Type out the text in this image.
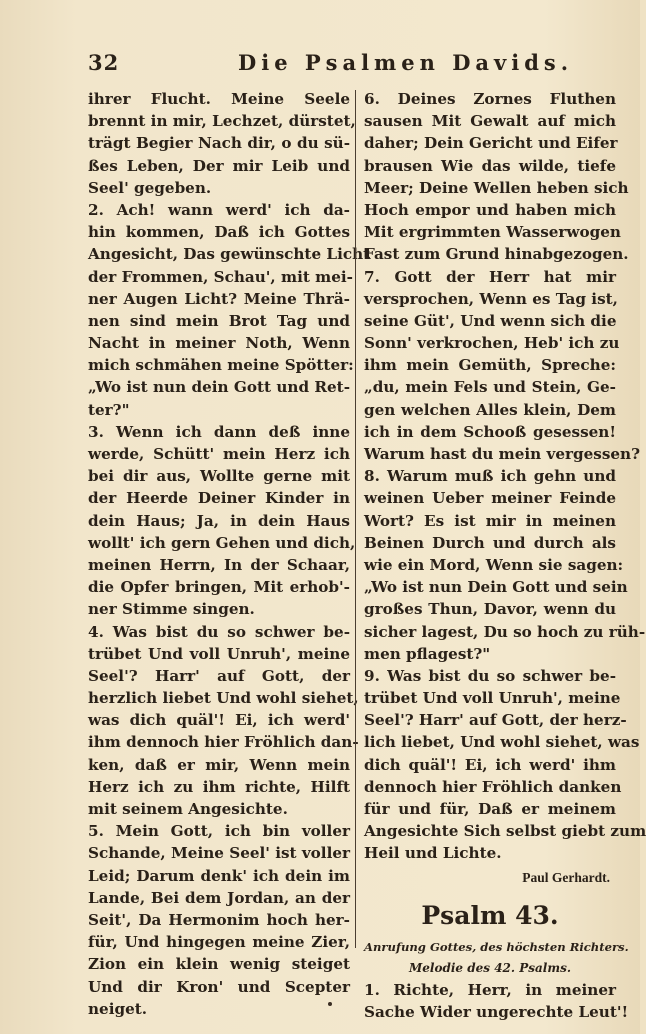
32	Die Psalmen Davids.
ihrer Flucht. Meine Seele
brennt in mir, Lechzet, dürstet,
trägt Begier Nach dir, o du sü-
ßes Leben, Der mir Leib und
Seel' gegeben.
2. Ach! wann werd' ich da-
hin kommen, Daß ich Gottes
Angesicht, Das gewünschte Licht
der Frommen, Schau', mit mei-
ner Augen Licht? Meine Thrä-
nen sind mein Brot Tag und
Nacht in meiner Noth, Wenn
mich schmähen meine Spötter:
„Wo ist nun dein Gott und Ret-
ter?"
3. Wenn ich dann deß inne
werde, Schütt' mein Herz ich
bei dir aus, Wollte gerne mit
der Heerde Deiner Kinder in
dein Haus; Ja, in dein Haus
wollt' ich gern Gehen und dich,
meinen Herrn, In der Schaar,
die Opfer bringen, Mit erhob'-
ner Stimme singen.
4. Was bist du so schwer be-
trübet Und voll Unruh', meine
Seel'? Harr' auf Gott, der
herzlich liebet Und wohl siehet,
was dich quäl'! Ei, ich werd'
ihm dennoch hier Fröhlich dan-
ken, daß er mir, Wenn mein
Herz ich zu ihm richte, Hilft
mit seinem Angesichte.
5. Mein Gott, ich bin voller
Schande, Meine Seel' ist voller
Leid; Darum denk' ich dein im
Lande, Bei dem Jordan, an der
Seit', Da Hermonim hoch her-
für, Und hingegen meine Zier,
Zion ein klein wenig steiget
Und dir Kron' und Scepter
neiget.
6. Deines Zornes Fluthen
sausen Mit Gewalt auf mich
daher; Dein Gericht und Eifer
brausen Wie das wilde, tiefe
Meer; Deine Wellen heben sich
Hoch empor und haben mich
Mit ergrimmten Wasserwogen
Fast zum Grund hinabgezogen.
7. Gott der Herr hat mir
versprochen, Wenn es Tag ist,
seine Güt', Und wenn sich die
Sonn' verkrochen, Heb' ich zu
ihm mein Gemüth, Spreche:
„du, mein Fels und Stein, Ge-
gen welchen Alles klein, Dem
ich in dem Schooß gesessen!
Warum hast du mein vergessen?
8. Warum muß ich gehn und
weinen Ueber meiner Feinde
Wort? Es ist mir in meinen
Beinen Durch und durch als
wie ein Mord, Wenn sie sagen:
„Wo ist nun Dein Gott und sein
großes Thun, Davor, wenn du
sicher lagest, Du so hoch zu rüh-
men pflagest?"
9. Was bist du so schwer be-
trübet Und voll Unruh', meine
Seel'? Harr' auf Gott, der herz-
lich liebet, Und wohl siehet, was
dich quäl'! Ei, ich werd' ihm
dennoch hier Fröhlich danken
für und für, Daß er meinem
Angesichte Sich selbst giebt zum
Heil und Lichte.
Paul Gerhardt.
Psalm 43.
Anrufung Gottes, des höchsten Richters.
Melodie des 42. Psalms.
1. Richte, Herr, in meiner
Sache Wider ungerechte Leut'!
